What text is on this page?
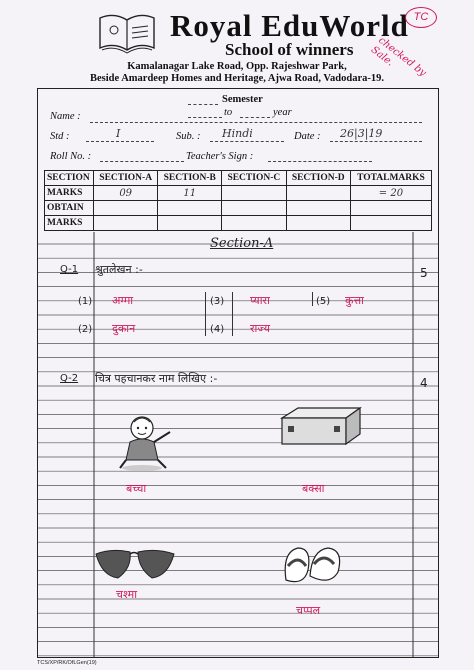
Royal EduWorld
School of winners
Kamalanagar Lake Road, Opp. Rajeshwar Park,
Beside Amardeep Homes and Heritage, Ajwa Road, Vadodara-19.
TC
checked by Sale.
Semester
to	year
Name :
Std :	I	Sub. : Hindi	Date : 26|3|19
Roll No. :	Teacher's Sign :
SECTION	SECTION-A	SECTION-B	SECTION-C	SECTION-D	TOTALMARKS
MARKS	09	11			= 20
OBTAIN					
MARKS					
Section-A
Q-1 श्रुतलेखन :-	5
(1) अम्मा	(3) प्यारा	(5) कुत्ता
(2) दुकान	(4) राज्य
Q-2 चित्र पहचानकर नाम लिखिए :-	4
बच्चा	बक्सा
चश्मा
चप्पल
TCS/XP/RK/OfLGen(19)
